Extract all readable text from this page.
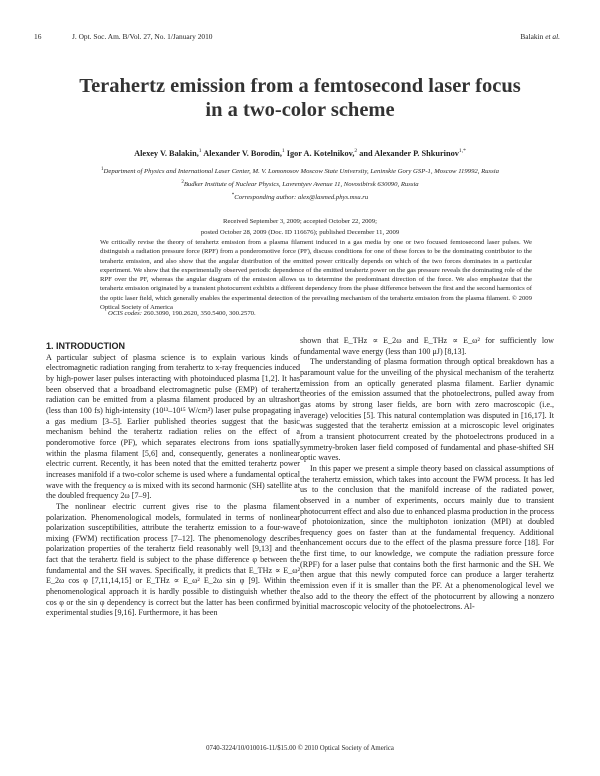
16	J. Opt. Soc. Am. B/Vol. 27, No. 1/January 2010	Balakin et al.
Terahertz emission from a femtosecond laser focus
in a two-color scheme
Alexey V. Balakin,$^1$ Alexander V. Borodin,$^1$ Igor A. Kotelnikov,$^2$ and Alexander P. Shkurinov$^{1,*}$
$^1$Department of Physics and International Laser Center, M. V. Lomonosov Moscow State University, Leninskie Gory GSP-1, Moscow 119992, Russia
$^2$Budker Institute of Nuclear Physics, Lavrentyev Avenue 11, Novosibirsk 630090, Russia
*Corresponding author: alex@lasmed.phys.msu.ru
Received September 3, 2009; accepted October 22, 2009;
posted October 28, 2009 (Doc. ID 116676); published December 11, 2009
We critically revise the theory of terahertz emission from a plasma filament induced in a gas media by one or two focused femtosecond laser pulses. We distinguish a radiation pressure force (RPF) from a ponderomotive force (PF), discuss conditions for one of these forces to be the dominating contributor to the terahertz emission, and also show that the angular distribution of the emitted power critically depends on which of the two forces dominates in a particular experiment. We show that the experimentally observed periodic dependence of the emitted terahertz power on the gas pressure reveals the dominating role of the RPF over the PF, whereas the angular diagram of the emission allows us to determine the predominant direction of the force. We also emphasize that the terahertz emission originated by a transient photocurrent exhibits a different dependency from the phase difference between the first and the second harmonics of the optic laser field, which generally enables the experimental detection of the prevailing mechanism of the terahertz emission from the plasma filament. © 2009 Optical Society of America
OCIS codes: 260.3090, 190.2620, 350.5400, 300.2570.
1. INTRODUCTION

A particular subject of plasma science is to explain various kinds of electromagnetic radiation ranging from terahertz to x-ray frequencies induced by high-power laser pulses interacting with photoinduced plasma [1,2]. It has been observed that a broadband electromagnetic pulse (EMP) of terahertz radiation can be emitted from a plasma filament produced by an ultrashort (less than 100 fs) high-intensity (10¹³–10¹⁵ W/cm²) laser pulse propagating in a gas medium [3–5]. Earlier published theories suggest that the basic mechanism behind the terahertz radiation relies on the effect of a ponderomotive force (PF), which separates electrons from ions spatially within the plasma filament [5,6] and, consequently, generates a nonlinear electric current. Recently, it has been noted that the emitted terahertz power increases manifold if a two-color scheme is used where a fundamental optical wave with the frequency ω is mixed with its second harmonic (SH) satellite at the doubled frequency 2ω [7–9].

The nonlinear electric current gives rise to the plasma filament polarization. Phenomenological models, formulated in terms of nonlinear polarization susceptibilities, attribute the terahertz emission to a four-wave mixing (FWM) rectification process [7–12]. The phenomenology describes polarization properties of the terahertz field reasonably well [9,13] and the fact that the terahertz field is subject to the phase difference φ between the fundamental and the SH waves. Specifically, it predicts that E_THz ∝ E_ω² E_2ω cos φ [7,11,14,15] or E_THz ∝ E_ω² E_2ω sin φ [9]. Within the phenomenological approach it is hardly possible to distinguish whether the cos φ or the sin φ dependency is correct but the latter has been confirmed by experimental studies [9,16]. Furthermore, it has been

shown that E_THz ∝ E_2ω and E_THz ∝ E_ω² for sufficiently low fundamental wave energy (less than 100 μJ) [8,13].

The understanding of plasma formation through optical breakdown has a paramount value for the unveiling of the physical mechanism of the terahertz emission from an optically generated plasma filament. Earlier dynamic theories of the emission assumed that the photoelectrons, pulled away from gas atoms by strong laser fields, are born with zero macroscopic (i.e., average) velocities [5]. This natural contemplation was disputed in [16,17]. It was suggested that the terahertz emission at a microscopic level originates from a transient photocurrent created by the photoelectrons produced in a symmetry-broken laser field composed of fundamental and phase-shifted SH optic waves.

In this paper we present a simple theory based on classical assumptions of the terahertz emission, which takes into account the FWM process. It has led us to the conclusion that the manifold increase of the radiated power, observed in a number of experiments, occurs mainly due to transient photocurrent effect and also due to enhanced plasma production in the process of photoionization, since the multiphoton ionization (MPI) at doubled frequency goes on faster than at the fundamental frequency. Additional enhancement occurs due to the effect of the plasma pressure force [18]. For the first time, to our knowledge, we compute the radiation pressure force (RPF) for a laser pulse that contains both the first harmonic and the SH. We then argue that this newly computed force can produce a larger terahertz emission even if it is smaller than the PF. At a phenomenological level we also add to the theory the effect of the photocurrent by allowing a nonzero initial macroscopic velocity of the photoelectrons. Al-

0740-3224/10/010016-11/$15.00 © 2010 Optical Society of America
